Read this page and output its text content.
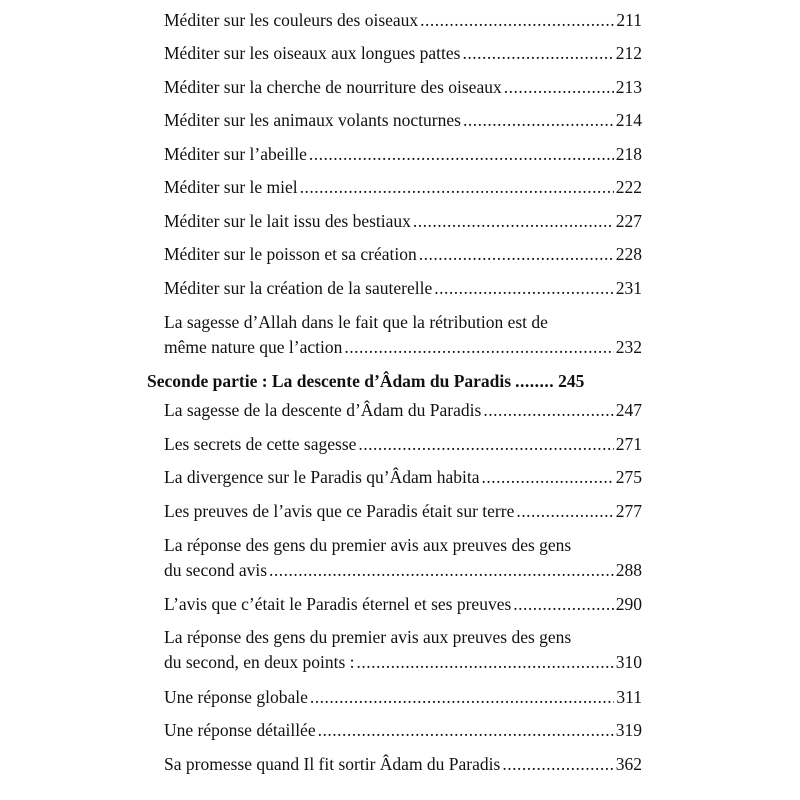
Méditer sur les couleurs des oiseaux .....	211
Méditer sur les oiseaux aux longues pattes .....	212
Méditer sur la cherche de nourriture des oiseaux .....	213
Méditer sur les animaux volants nocturnes .....	214
Méditer sur l’abeille .....	218
Méditer sur le miel .....	222
Méditer sur le lait issu des bestiaux .....	227
Méditer sur le poisson et sa création .....	228
Méditer sur la création de la sauterelle .....	231
La sagesse d’Allah dans le fait que la rétribution est de
même nature que l’action .....	232
Seconde partie : La descente d’Âdam du Paradis ........	245
La sagesse de la descente d’Âdam du Paradis .....	247
Les secrets de cette sagesse .....	271
La divergence sur le Paradis qu’Âdam habita .....	275
Les preuves de l’avis que ce Paradis était sur terre .....	277
La réponse des gens du premier avis aux preuves des gens
du second avis .....	288
L’avis que c’était le Paradis éternel et ses preuves .....	290
La réponse des gens du premier avis aux preuves des gens
du second, en deux points : .....	310
Une réponse globale .....	311
Une réponse détaillée .....	319
Sa promesse quand Il fit sortir Âdam du Paradis .....	362
